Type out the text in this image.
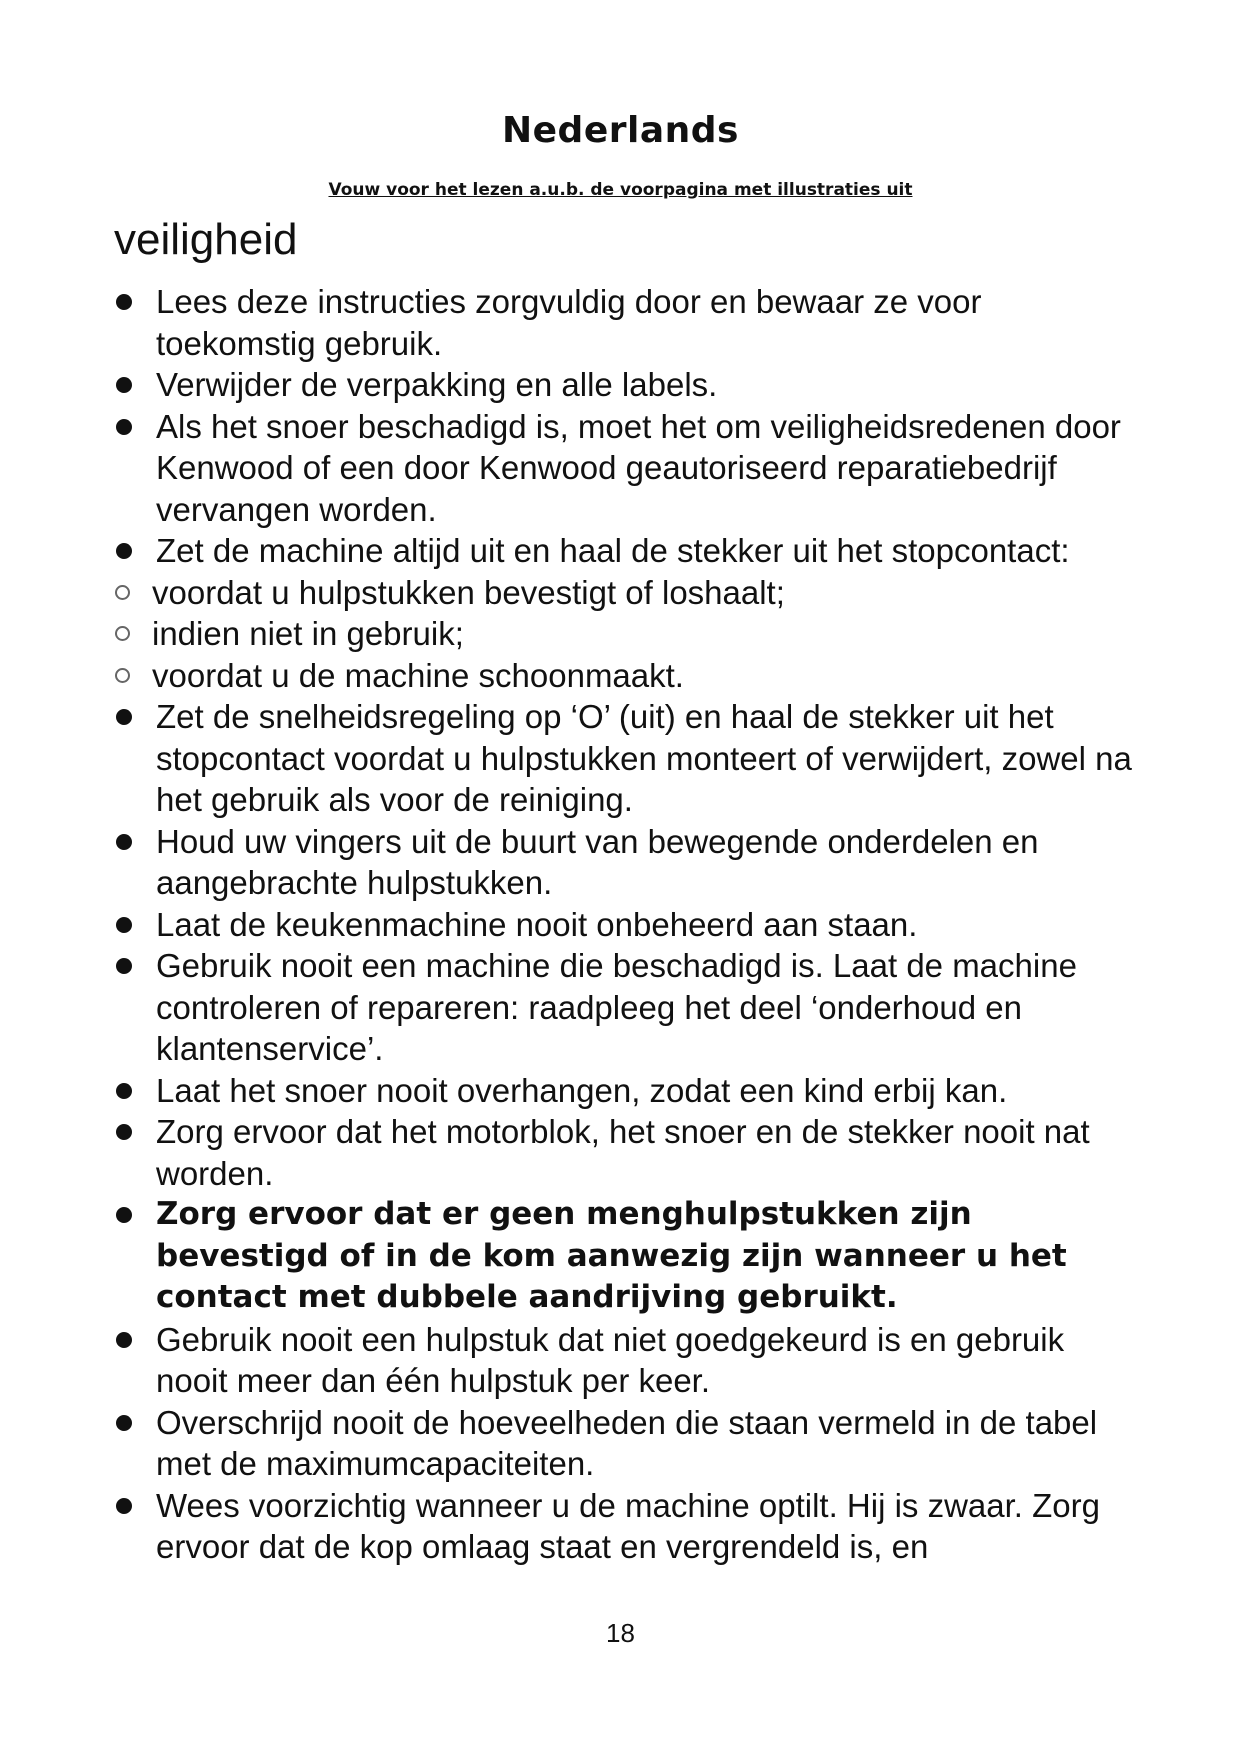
Nederlands

Vouw voor het lezen a.u.b. de voorpagina met illustraties uit

veiligheid
Lees deze instructies zorgvuldig door en bewaar ze voor toekomstig gebruik.
Verwijder de verpakking en alle labels.
Als het snoer beschadigd is, moet het om veiligheidsredenen door Kenwood of een door Kenwood geautoriseerd reparatiebedrijf vervangen worden.
Zet de machine altijd uit en haal de stekker uit het stopcontact:
voordat u hulpstukken bevestigt of loshaalt;
indien niet in gebruik;
voordat u de machine schoonmaakt.
Zet de snelheidsregeling op ‘O’ (uit) en haal de stekker uit het stopcontact voordat u hulpstukken monteert of verwijdert, zowel na het gebruik als voor de reiniging.
Houd uw vingers uit de buurt van bewegende onderdelen en aangebrachte hulpstukken.
Laat de keukenmachine nooit onbeheerd aan staan.
Gebruik nooit een machine die beschadigd is. Laat de machine controleren of repareren: raadpleeg het deel ‘onderhoud en klantenservice’.
Laat het snoer nooit overhangen, zodat een kind erbij kan.
Zorg ervoor dat het motorblok, het snoer en de stekker nooit nat worden.
Zorg ervoor dat er geen menghulpstukken zijn bevestigd of in de kom aanwezig zijn wanneer u het contact met dubbele aandrijving gebruikt.
Gebruik nooit een hulpstuk dat niet goedgekeurd is en gebruik nooit meer dan één hulpstuk per keer.
Overschrijd nooit de hoeveelheden die staan vermeld in de tabel met de maximumcapaciteiten.
Wees voorzichtig wanneer u de machine optilt. Hij is zwaar. Zorg ervoor dat de kop omlaag staat en vergrendeld is, en

18
